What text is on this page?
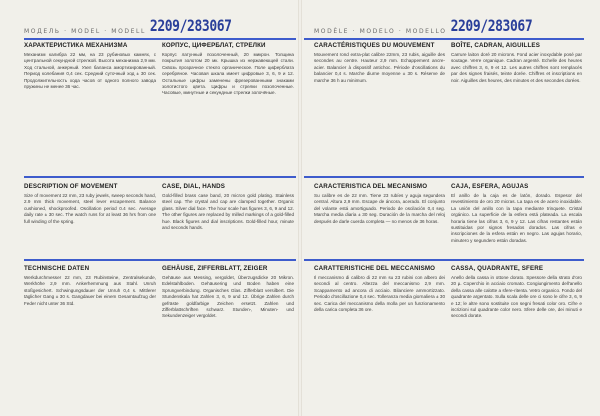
МОДЕЛЬ · MODEL · MODELL 2209/283067
ХАРАКТЕРИСТИКА МЕХАНИЗМА

Механизм калибра 22 мм, на 23 рубиновых камнях, с центральной секундной стрелкой. Высота механизма 2,9 мм. Ход стальной, анкерный. Узел баланса амортизированный. Период колебания 0,4 сек. Средний суточный ход ± 30 сек. Продолжительность хода часов от одного полного завода пружины не менее 36 час.

КОРПУС, ЦИФЕРБЛАТ, СТРЕЛКИ

Корпус латунный позолоченный, 20 микрон. Толщина покрытия золотом 20 мк. Крышка из нержавеющей стали. Сквозь прозрачное стекло органическое. Поле циферблата серебряное. Часовая шкала имеет цифровые 3, 6, 9 и 12. Остальные цифры заменены фрезерованными знаками золотистого цвета. Цифры и стрелки позолоченные. Часовые, минутные и секундные стрелки золочёные.

DESCRIPTION OF MOVEMENT

Size of movement 22 mm, 23 ruby jewels, sweep seconds hand, 2.9 mm thick movement, steel lever escapement. Balance cushioned, shockproofed. Oscillation period 0.4 sec. Average daily rate ± 30 sec. The watch runs for at least 36 hrs from one full winding of the spring.

CASE, DIAL, HANDS

Gold-filled brass case band, 20 micron gold plating. Stainless steel cap. The crystal and cap are clamped together. Organic glass. Silver dial face. The hour scale has figures 3, 6, 9 and 12. The other figures are replaced by milled markings of a gold-filled hue. Black figures and dial inscriptions. Gold-filled hour, minute and seconds hands.

TECHNISCHE DATEN

Werkdurchmesser 22 mm, 23 Rubinsteine, Zentralsekunde, Werkhöhe 2,9 mm. Ankerhemmung aus Stahl. Unruh stoßgesichert. Schwingungsdauer der Unruh 0,4 s. Mittlerer täglicher Gang ± 30 s. Gangdauer bei einem Gesamtaufzug der Feder nicht unter 36 Std.

GEHÄUSE, ZIFFERBLATT, ZEIGER

Gehäuse aus Messing, vergoldet, Überzugsdicke 20 Mikron. Edelstahlboden. Gehäusering und Boden haben eine Sprungverbindung. Organisches Glas. Zifferblatt versilbert. Die Stundenskala hat Zahlen 3, 6, 9 und 12. Übrige Zahlen durch gefräste goldfarbige Zeichen ersetzt. Zahlen und Zifferblattschriften schwarz. Stunden-, Minuten- und Sekundenzeiger vergoldet.

MODÈLE · MODELO · MODELLO 2209/283067
CARACTÉRISTIQUES DU MOUVEMENT

Mouvement rond extra-plat calibre 22mm, 23 rubis, aiguille des secondes au centre. Hauteur 2,9 mm. Echappement ancre-acier. Balancier à dispositif antichoc. Période d'oscillations du balancier 0,4 s. Marche diurne moyenne ± 30 s. Réserve de marche 36 h au minimum.

BOÎTE, CADRAN, AIGUILLES

Carrure laiton doré 20 microns. Fond acier inoxydable posé par soutage. Verre organique. Cadran argenté. Echelle des heures avec chiffres 3, 6, 9 et 12. Les autres chiffres sont remplacés par des signes fraisés, teinte dorée. Chiffres et inscriptions en noir. Aiguilles des heures, des minutes et des secondes dorées.

CARACTERISTICA DEL MECANISMO

Su calibre es de 22 mm. Tiene 23 rubíes y aguja segundera central. Altura 2,9 mm. Escape de áncora, acerado. El conjunto del volante está amortiguado. Periodo de oscilación 0,4 seg. Marcha media diaria ± 30 seg. Duración de la marcha del reloj después de darle cuerda completa — no menos de 36 horas.

CAJA, ESFERA, AGUJAS

El anillo de la caja es de latón, dorado. Espesor del revestimiento de oro 20 micras. La tapa es de acero inoxidable. La unión del anillo con la tapa mediante trinquete. Cristal orgánico. La superficie de la esfera está plateada. La escala horaria tiene las cifras 3, 6, 9 y 12. Las cifras restantes están sustituidas por signos fresados dorados. Las cifras e inscripciones de la esfera están en negro. Las agujas horario, minutero y segundero están doradas.

CARATTERISTICHE DEL MECCANISMO

Il meccanismo di calibro di 22 mm su 23 rubini con albero dei secondi al centro. Altezza del meccanismo 2,9 mm. Scappamento ad ancora di acciaio. Bilanciere ammortizzato. Periodo d'oscillazione 0,4 sec. Tolleranza media giornaliera ± 30 sec. Carica del meccanismo della molla per un funzionamento della carica completa 36 ore.

CASSA, QUADRANTE, SFERE

Anello della cassa in ottone dorato. Spessore della strato d'oro 20 µ. Coperchio in acciaio cromato. Congiungimento dell'anello della cassa alle calotte a sfere-ritenta. Vetro organico. Fondo del quadrante argentato. Sulla scala delle ore ci sono le cifre 3, 6, 9 e 12; le altre sono sostituite con segni fresati color oro. Cifre e iscrizioni sul quadrante color nero. Sfere delle ore, dei minuti e secondi dorate.
